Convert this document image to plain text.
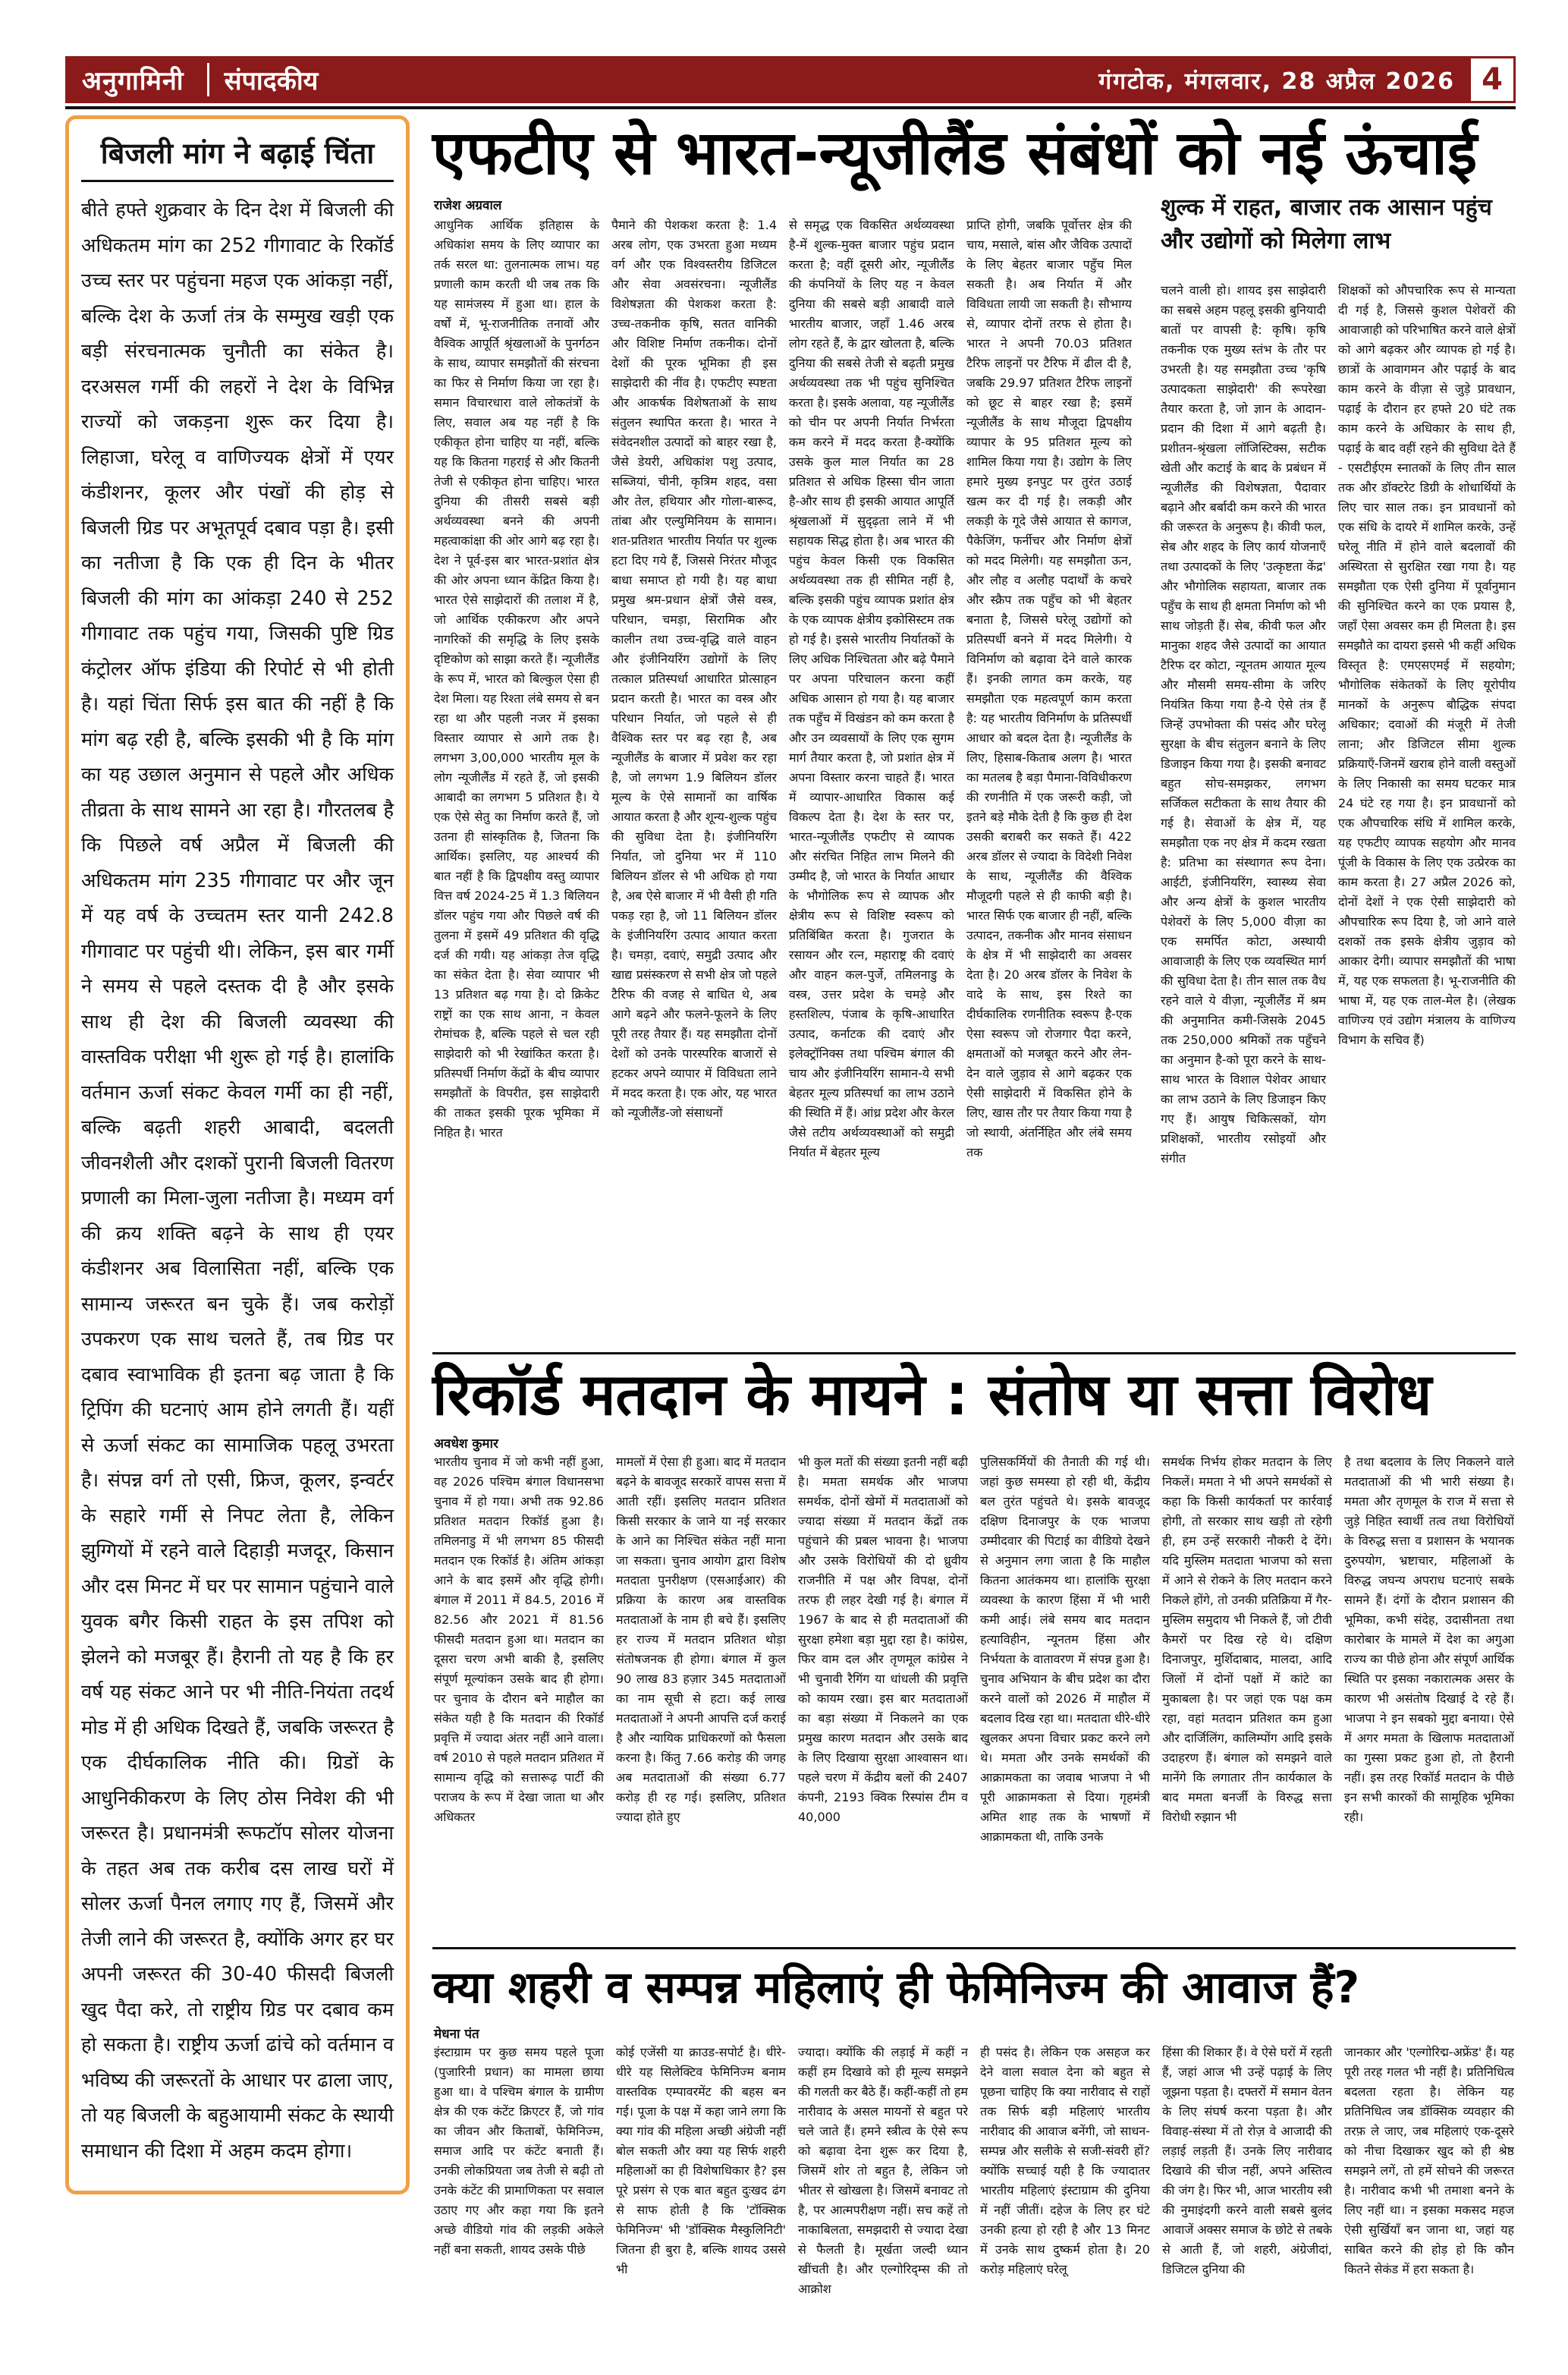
अनुगामिनी	संपादकीय	गंगटोक, मंगलवार, 28 अप्रैल 2026 4
बिजली मांग ने बढ़ाई चिंता

बीते हफ्ते शुक्रवार के दिन देश में बिजली की अधिकतम मांग का 252 गीगावाट के रिकॉर्ड उच्च स्तर पर पहुंचना महज एक आंकड़ा नहीं, बल्कि देश के ऊर्जा तंत्र के सम्मुख खड़ी एक बड़ी संरचनात्मक चुनौती का संकेत है। दरअसल गर्मी की लहरों ने देश के विभिन्न राज्यों को जकड़ना शुरू कर दिया है। लिहाजा, घरेलू व वाणिज्यक क्षेत्रों में एयर कंडीशनर, कूलर और पंखों की होड़ से बिजली ग्रिड पर अभूतपूर्व दबाव पड़ा है। इसी का नतीजा है कि एक ही दिन के भीतर बिजली की मांग का आंकड़ा 240 से 252 गीगावाट तक पहुंच गया, जिसकी पुष्टि ग्रिड कंट्रोलर ऑफ इंडिया की रिपोर्ट से भी होती है। यहां चिंता सिर्फ इस बात की नहीं है कि मांग बढ़ रही है, बल्कि इसकी भी है कि मांग का यह उछाल अनुमान से पहले और अधिक तीव्रता के साथ सामने आ रहा है। गौरतलब है कि पिछले वर्ष अप्रैल में बिजली की अधिकतम मांग 235 गीगावाट पर और जून में यह वर्ष के उच्चतम स्तर यानी 242.8 गीगावाट पर पहुंची थी। लेकिन, इस बार गर्मी ने समय से पहले दस्तक दी है और इसके साथ ही देश की बिजली व्यवस्था की वास्तविक परीक्षा भी शुरू हो गई है। हालांकि वर्तमान ऊर्जा संकट केवल गर्मी का ही नहीं, बल्कि बढ़ती शहरी आबादी, बदलती जीवनशैली और दशकों पुरानी बिजली वितरण प्रणाली का मिला-जुला नतीजा है। मध्यम वर्ग की क्रय शक्ति बढ़ने के साथ ही एयर कंडीशनर अब विलासिता नहीं, बल्कि एक सामान्य जरूरत बन चुके हैं। जब करोड़ों उपकरण एक साथ चलते हैं, तब ग्रिड पर दबाव स्वाभाविक ही इतना बढ़ जाता है कि ट्रिपिंग की घटनाएं आम होने लगती हैं। यहीं से ऊर्जा संकट का सामाजिक पहलू उभरता है। संपन्न वर्ग तो एसी, फ्रिज, कूलर, इन्वर्टर के सहारे गर्मी से निपट लेता है, लेकिन झुग्गियों में रहने वाले दिहाड़ी मजदूर, किसान और दस मिनट में घर पर सामान पहुंचाने वाले युवक बगैर किसी राहत के इस तपिश को झेलने को मजबूर हैं। हैरानी तो यह है कि हर वर्ष यह संकट आने पर भी नीति-नियंता तदर्थ मोड में ही अधिक दिखते हैं, जबकि जरूरत है एक दीर्घकालिक नीति की। ग्रिडों के आधुनिकीकरण के लिए ठोस निवेश की भी जरूरत है। प्रधानमंत्री रूफटॉप सोलर योजना के तहत अब तक करीब दस लाख घरों में सोलर ऊर्जा पैनल लगाए गए हैं, जिसमें और तेजी लाने की जरूरत है, क्योंकि अगर हर घर अपनी जरूरत की 30-40 फीसदी बिजली खुद पैदा करे, तो राष्ट्रीय ग्रिड पर दबाव कम हो सकता है। राष्ट्रीय ऊर्जा ढांचे को वर्तमान व भविष्य की जरूरतों के आधार पर ढाला जाए, तो यह बिजली के बहुआयामी संकट के स्थायी समाधान की दिशा में अहम कदम होगा।

एफटीए से भारत-न्यूजीलैंड संबंधों को नई ऊंचाई
राजेश अग्रवाल	शुल्क में राहत, बाजार तक आसान पहुंच और उद्योगों को मिलेगा लाभ
आधुनिक आर्थिक इतिहास के अधिकांश समय के लिए व्यापार का तर्क सरल था: तुलनात्मक लाभ। यह प्रणाली काम करती थी जब तक कि यह सामंजस्य में हुआ था। हाल के वर्षों में, भू-राजनीतिक तनावों और वैश्विक आपूर्ति श्रृंखलाओं के पुनर्गठन के साथ, व्यापार समझौतों की संरचना का फिर से निर्माण किया जा रहा है। समान विचारधारा वाले लोकतंत्रों के लिए, सवाल अब यह नहीं है कि एकीकृत होना चाहिए या नहीं, बल्कि यह कि कितना गहराई से और कितनी तेजी से एकीकृत होना चाहिए। भारत दुनिया की तीसरी सबसे बड़ी अर्थव्यवस्था बनने की अपनी महत्वाकांक्षा की ओर आगे बढ़ रहा है। देश ने पूर्व-इस बार भारत-प्रशांत क्षेत्र की ओर अपना ध्यान केंद्रित किया है। भारत ऐसे साझेदारों की तलाश में है, जो आर्थिक एकीकरण और अपने नागरिकों की समृद्धि के लिए इसके दृष्टिकोण को साझा करते हैं। न्यूजीलैंड के रूप में, भारत को बिल्कुल ऐसा ही देश मिला। यह रिश्ता लंबे समय से बन रहा था और पहली नजर में इसका विस्तार व्यापार से आगे तक है। लगभग 3,00,000 भारतीय मूल के लोग न्यूजीलैंड में रहते हैं, जो इसकी आबादी का लगभग 5 प्रतिशत है। ये एक ऐसे सेतु का निर्माण करते हैं, जो उतना ही सांस्कृतिक है, जितना कि आर्थिक। इसलिए, यह आश्चर्य की बात नहीं है कि द्विपक्षीय वस्तु व्यापार वित्त वर्ष 2024-25 में 1.3 बिलियन डॉलर पहुंच गया और पिछले वर्ष की तुलना में इसमें 49 प्रतिशत की वृद्धि दर्ज की गयी। यह आंकड़ा तेज वृद्धि का संकेत देता है। सेवा व्यापार भी 13 प्रतिशत बढ़ गया है। दो क्रिकेट राष्ट्रों का एक साथ आना, न केवल रोमांचक है, बल्कि पहले से चल रही साझेदारी को भी रेखांकित करता है। प्रतिस्पर्धी निर्माण केंद्रों के बीच व्यापार समझौतों के विपरीत, इस साझेदारी की ताकत इसकी पूरक भूमिका में निहित है। भारत
पैमाने की पेशकश करता है: 1.4 अरब लोग, एक उभरता हुआ मध्यम वर्ग और एक विश्वस्तरीय डिजिटल और सेवा अवसंरचना। न्यूजीलैंड विशेषज्ञता की पेशकश करता है: उच्च-तकनीक कृषि, सतत वानिकी और विशिष्ट निर्माण तकनीक। दोनों देशों की पूरक भूमिका ही इस साझेदारी की नींव है। एफटीए स्पष्टता और आकर्षक विशेषताओं के साथ संतुलन स्थापित करता है। भारत ने संवेदनशील उत्पादों को बाहर रखा है, जैसे डेयरी, अधिकांश पशु उत्पाद, सब्जियां, चीनी, कृत्रिम शहद, वसा और तेल, हथियार और गोला-बारूद, तांबा और एल्युमिनियम के सामान। शत-प्रतिशत भारतीय निर्यात पर शुल्क हटा दिए गये हैं, जिससे निरंतर मौजूद बाधा समाप्त हो गयी है। यह बाधा प्रमुख श्रम-प्रधान क्षेत्रों जैसे वस्त्र, परिधान, चमड़ा, सिरामिक और कालीन तथा उच्च-वृद्धि वाले वाहन और इंजीनियरिंग उद्योगों के लिए तत्काल प्रतिस्पर्धा आधारित प्रोत्साहन प्रदान करती है। भारत का वस्त्र और परिधान निर्यात, जो पहले से ही वैश्विक स्तर पर बढ़ रहा है, अब न्यूजीलैंड के बाजार में प्रवेश कर रहा है, जो लगभग 1.9 बिलियन डॉलर मूल्य के ऐसे सामानों का वार्षिक आयात करता है और शून्य-शुल्क पहुंच की सुविधा देता है। इंजीनियरिंग निर्यात, जो दुनिया भर में 110 बिलियन डॉलर से भी अधिक हो गया है, अब ऐसे बाजार में भी वैसी ही गति पकड़ रहा है, जो 11 बिलियन डॉलर के इंजीनियरिंग उत्पाद आयात करता है। चमड़ा, दवाएं, समुद्री उत्पाद और खाद्य प्रसंस्करण से सभी क्षेत्र जो पहले टैरिफ की वजह से बाधित थे, अब आगे बढ़ने और फलने-फूलने के लिए पूरी तरह तैयार हैं। यह समझौता दोनों देशों को उनके पारस्परिक बाजारों से हटकर अपने व्यापार में विविधता लाने में मदद करता है। एक ओर, यह भारत को न्यूजीलैंड-जो संसाधनों
से समृद्ध एक विकसित अर्थव्यवस्था है-में शुल्क-मुक्त बाजार पहुंच प्रदान करता है; वहीं दूसरी ओर, न्यूजीलैंड की कंपनियों के लिए यह न केवल दुनिया की सबसे बड़ी आबादी वाले भारतीय बाजार, जहाँ 1.46 अरब लोग रहते हैं, के द्वार खोलता है, बल्कि दुनिया की सबसे तेजी से बढ़ती प्रमुख अर्थव्यवस्था तक भी पहुंच सुनिश्चित करता है। इसके अलावा, यह न्यूजीलैंड को चीन पर अपनी निर्यात निर्भरता कम करने में मदद करता है-क्योंकि उसके कुल माल निर्यात का 28 प्रतिशत से अधिक हिस्सा चीन जाता है-और साथ ही इसकी आयात आपूर्ति श्रृंखलाओं में सुदृढ़ता लाने में भी सहायक सिद्ध होता है। अब भारत की पहुंच केवल किसी एक विकसित अर्थव्यवस्था तक ही सीमित नहीं है, बल्कि इसकी पहुंच व्यापक प्रशांत क्षेत्र के एक व्यापक क्षेत्रीय इकोसिस्टम तक हो गई है। इससे भारतीय निर्यातकों के लिए अधिक निश्चितता और बढ़े पैमाने पर अपना परिचालन करना कहीं अधिक आसान हो गया है। यह बाजार तक पहुँच में विखंडन को कम करता है और उन व्यवसायों के लिए एक सुगम मार्ग तैयार करता है, जो प्रशांत क्षेत्र में अपना विस्तार करना चाहते हैं। भारत में व्यापार-आधारित विकास कई विकल्प देता है। देश के स्तर पर, भारत-न्यूजीलैंड एफटीए से व्यापक और संरचित निहित लाभ मिलने की उम्मीद है, जो भारत के निर्यात आधार के भौगोलिक रूप से व्यापक और क्षेत्रीय रूप से विशिष्ट स्वरूप को प्रतिबिंबित करता है। गुजरात के रसायन और रत्न, महाराष्ट्र की दवाएं और वाहन कल-पुर्जे, तमिलनाडु के वस्त्र, उत्तर प्रदेश के चमड़े और हस्तशिल्प, पंजाब के कृषि-आधारित उत्पाद, कर्नाटक की दवाएं और इलेक्ट्रॉनिक्स तथा पश्चिम बंगाल की चाय और इंजीनियरिंग सामान-ये सभी बेहतर मूल्य प्रतिस्पर्धा का लाभ उठाने की स्थिति में हैं। आंध्र प्रदेश और केरल जैसे तटीय अर्थव्यवस्थाओं को समुद्री निर्यात में बेहतर मूल्य
प्राप्ति होगी, जबकि पूर्वोत्तर क्षेत्र की चाय, मसाले, बांस और जैविक उत्पादों के लिए बेहतर बाजार पहुँच मिल सकती है। अब निर्यात में और विविधता लायी जा सकती है। सौभाग्य से, व्यापार दोनों तरफ से होता है। भारत ने अपनी 70.03 प्रतिशत टैरिफ लाइनों पर टैरिफ में ढील दी है, जबकि 29.97 प्रतिशत टैरिफ लाइनों को छूट से बाहर रखा है; इसमें न्यूजीलैंड के साथ मौजूदा द्विपक्षीय व्यापार के 95 प्रतिशत मूल्य को शामिल किया गया है। उद्योग के लिए हमारे मुख्य इनपुट पर तुरंत उठाई खत्म कर दी गई है। लकड़ी और लकड़ी के गूदे जैसे आयात से कागज, पैकेजिंग, फर्नीचर और निर्माण क्षेत्रों को मदद मिलेगी। यह समझौता ऊन, और लौह व अलौह पदार्थों के कचरे और स्क्रैप तक पहुँच को भी बेहतर बनाता है, जिससे घरेलू उद्योगों को प्रतिस्पर्धी बनने में मदद मिलेगी। ये विनिर्माण को बढ़ावा देने वाले कारक हैं। इनकी लागत कम करके, यह समझौता एक महत्वपूर्ण काम करता है: यह भारतीय विनिर्माण के प्रतिस्पर्धी आधार को बदल देता है। न्यूजीलैंड के लिए, हिसाब-किताब अलग है। भारत का मतलब है बड़ा पैमाना-विविधीकरण की रणनीति में एक जरूरी कड़ी, जो इतने बड़े मौके देती है कि कुछ ही देश उसकी बराबरी कर सकते हैं। 422 अरब डॉलर से ज्यादा के विदेशी निवेश के साथ, न्यूजीलैंड की वैश्विक मौजूदगी पहले से ही काफी बड़ी है। भारत सिर्फ एक बाजार ही नहीं, बल्कि उत्पादन, तकनीक और मानव संसाधन के क्षेत्र में भी साझेदारी का अवसर देता है। 20 अरब डॉलर के निवेश के वादे के साथ, इस रिश्ते का दीर्घकालिक रणनीतिक स्वरूप है-एक ऐसा स्वरूप जो रोजगार पैदा करने, क्षमताओं को मजबूत करने और लेन-देन वाले जुड़ाव से आगे बढ़कर एक ऐसी साझेदारी में विकसित होने के लिए, खास तौर पर तैयार किया गया है जो स्थायी, अंतर्निहित और लंबे समय तक
चलने वाली हो। शायद इस साझेदारी का सबसे अहम पहलू इसकी बुनियादी बातों पर वापसी है: कृषि। कृषि तकनीक एक मुख्य स्तंभ के तौर पर उभरती है। यह समझौता उच्च 'कृषि उत्पादकता साझेदारी' की रूपरेखा तैयार करता है, जो ज्ञान के आदान-प्रदान की दिशा में आगे बढ़ती है। प्रशीतन-श्रृंखला लॉजिस्टिक्स, सटीक खेती और कटाई के बाद के प्रबंधन में न्यूजीलैंड की विशेषज्ञता, पैदावार बढ़ाने और बर्बादी कम करने की भारत की जरूरत के अनुरूप है। कीवी फल, सेब और शहद के लिए कार्य योजनाएँ तथा उत्पादकों के लिए 'उत्कृष्टता केंद्र' और भौगोलिक सहायता, बाजार तक पहुँच के साथ ही क्षमता निर्माण को भी साथ जोड़ती हैं। सेब, कीवी फल और मानुका शहद जैसे उत्पादों का आयात टैरिफ दर कोटा, न्यूनतम आयात मूल्य और मौसमी समय-सीमा के जरिए नियंत्रित किया गया है-ये ऐसे तंत्र हैं जिन्हें उपभोक्ता की पसंद और घरेलू सुरक्षा के बीच संतुलन बनाने के लिए डिजाइन किया गया है। इसकी बनावट बहुत सोच-समझकर, लगभग सर्जिकल सटीकता के साथ तैयार की गई है। सेवाओं के क्षेत्र में, यह समझौता एक नए क्षेत्र में कदम रखता है: प्रतिभा का संस्थागत रूप देना। आईटी, इंजीनियरिंग, स्वास्थ्य सेवा और अन्य क्षेत्रों के कुशल भारतीय पेशेवरों के लिए 5,000 वीज़ा का एक समर्पित कोटा, अस्थायी आवाजाही के लिए एक व्यवस्थित मार्ग की सुविधा देता है। तीन साल तक वैध रहने वाले ये वीज़ा, न्यूजीलैंड में श्रम की अनुमानित कमी-जिसके 2045 तक 250,000 श्रमिकों तक पहुँचने का अनुमान है-को पूरा करने के साथ-साथ भारत के विशाल पेशेवर आधार का लाभ उठाने के लिए डिजाइन किए गए हैं। आयुष चिकित्सकों, योग प्रशिक्षकों, भारतीय रसोइयों और संगीत
शिक्षकों को औपचारिक रूप से मान्यता दी गई है, जिससे कुशल पेशेवरों की आवाजाही को परिभाषित करने वाले क्षेत्रों को आगे बढ़कर और व्यापक हो गई है। छात्रों के आवागमन और पढ़ाई के बाद काम करने के वीज़ा से जुड़े प्रावधान, पढ़ाई के दौरान हर हफ्ते 20 घंटे तक काम करने के अधिकार के साथ ही, पढ़ाई के बाद वहीं रहने की सुविधा देते हैं - एसटीईएम स्नातकों के लिए तीन साल तक और डॉक्टरेट डिग्री के शोधार्थियों के लिए चार साल तक। इन प्रावधानों को एक संधि के दायरे में शामिल करके, उन्हें घरेलू नीति में होने वाले बदलावों की अस्थिरता से सुरक्षित रखा गया है। यह समझौता एक ऐसी दुनिया में पूर्वानुमान की सुनिश्चित करने का एक प्रयास है, जहाँ ऐसा अवसर कम ही मिलता है। इस समझौते का दायरा इससे भी कहीं अधिक विस्तृत है: एमएसएमई में सहयोग; भौगोलिक संकेतकों के लिए यूरोपीय मानकों के अनुरूप बौद्धिक संपदा अधिकार; दवाओं की मंजूरी में तेजी लाना; और डिजिटल सीमा शुल्क प्रक्रियाएँ-जिनमें खराब होने वाली वस्तुओं के लिए निकासी का समय घटकर मात्र 24 घंटे रह गया है। इन प्रावधानों को एक औपचारिक संधि में शामिल करके, यह एफटीए व्यापक सहयोग और मानव पूंजी के विकास के लिए एक उत्प्रेरक का काम करता है। 27 अप्रैल 2026 को, दोनों देशों ने एक ऐसी साझेदारी को औपचारिक रूप दिया है, जो आने वाले दशकों तक इसके क्षेत्रीय जुड़ाव को आकार देगी। व्यापार समझौतों की भाषा में, यह एक सफलता है। भू-राजनीति की भाषा में, यह एक ताल-मेल है। (लेखक वाणिज्य एवं उद्योग मंत्रालय के वाणिज्य विभाग के सचिव हैं)
रिकॉर्ड मतदान के मायने : संतोष या सत्ता विरोध
अवधेश कुमार
भारतीय चुनाव में जो कभी नहीं हुआ, वह 2026 पश्चिम बंगाल विधानसभा चुनाव में हो गया। अभी तक 92.86 प्रतिशत मतदान रिकॉर्ड हुआ है। तमिलनाडु में भी लगभग 85 फीसदी मतदान एक रिकॉर्ड है। अंतिम आंकड़ा आने के बाद इसमें और वृद्धि होगी। बंगाल में 2011 में 84.5, 2016 में 82.56 और 2021 में 81.56 फीसदी मतदान हुआ था। मतदान का दूसरा चरण अभी बाकी है, इसलिए संपूर्ण मूल्यांकन उसके बाद ही होगा। पर चुनाव के दौरान बने माहौल का संकेत यही है कि मतदान की रिकॉर्ड प्रवृत्ति में ज्यादा अंतर नहीं आने वाला। वर्ष 2010 से पहले मतदान प्रतिशत में सामान्य वृद्धि को सत्तारूढ़ पार्टी की पराजय के रूप में देखा जाता था और अधिकतर
मामलों में ऐसा ही हुआ। बाद में मतदान बढ़ने के बावजूद सरकारें वापस सत्ता में आती रहीं। इसलिए मतदान प्रतिशत किसी सरकार के जाने या नई सरकार के आने का निश्चित संकेत नहीं माना जा सकता। चुनाव आयोग द्वारा विशेष मतदाता पुनरीक्षण (एसआईआर) की प्रक्रिया के कारण अब वास्तविक मतदाताओं के नाम ही बचे हैं। इसलिए हर राज्य में मतदान प्रतिशत थोड़ा संतोषजनक ही होगा। बंगाल में कुल 90 लाख 83 हज़ार 345 मतदाताओं का नाम सूची से हटा। कई लाख मतदाताओं ने अपनी आपत्ति दर्ज कराई है और न्यायिक प्राधिकरणों को फैसला करना है। किंतु 7.66 करोड़ की जगह अब मतदाताओं की संख्या 6.77 करोड़ ही रह गई। इसलिए, प्रतिशत ज्यादा होते हुए
भी कुल मतों की संख्या इतनी नहीं बढ़ी है। ममता समर्थक और भाजपा समर्थक, दोनों खेमों में मतदाताओं को ज्यादा संख्या में मतदान केंद्रों तक पहुंचाने की प्रबल भावना है। भाजपा और उसके विरोधियों की दो ध्रुवीय राजनीति में पक्ष और विपक्ष, दोनों तरफ ही लहर देखी गई है। बंगाल में 1967 के बाद से ही मतदाताओं की सुरक्षा हमेशा बड़ा मुद्दा रहा है। कांग्रेस, फिर वाम दल और तृणमूल कांग्रेस ने भी चुनावी रैगिंग या धांधली की प्रवृत्ति को कायम रखा। इस बार मतदाताओं का बड़ा संख्या में निकलने का एक प्रमुख कारण मतदान और उसके बाद के लिए दिखाया सुरक्षा आश्वासन था। पहले चरण में केंद्रीय बलों की 2407 कंपनी, 2193 क्विक रिस्पांस टीम व 40,000
पुलिसकर्मियों की तैनाती की गई थी। जहां कुछ समस्या हो रही थी, केंद्रीय बल तुरंत पहुंचते थे। इसके बावजूद दक्षिण दिनाजपुर के एक भाजपा उम्मीदवार की पिटाई का वीडियो देखने से अनुमान लगा जाता है कि माहौल कितना आतंकमय था। हालांकि सुरक्षा व्यवस्था के कारण हिंसा में भी भारी कमी आई। लंबे समय बाद मतदान हत्याविहीन, न्यूनतम हिंसा और निर्भयता के वातावरण में संपन्न हुआ है। चुनाव अभियान के बीच प्रदेश का दौरा करने वालों को 2026 में माहौल में बदलाव दिख रहा था। मतदाता धीरे-धीरे खुलकर अपना विचार प्रकट करने लगे थे। ममता और उनके समर्थकों की आक्रामकता का जवाब भाजपा ने भी पूरी आक्रामकता से दिया। गृहमंत्री अमित शाह तक के भाषणों में आक्रामकता थी, ताकि उनके
समर्थक निर्भय होकर मतदान के लिए निकलें। ममता ने भी अपने समर्थकों से कहा कि किसी कार्यकर्ता पर कार्रवाई होगी, तो सरकार साथ खड़ी तो रहेगी ही, हम उन्हें सरकारी नौकरी दे देंगे। यदि मुस्लिम मतदाता भाजपा को सत्ता में आने से रोकने के लिए मतदान करने निकले होंगे, तो उनकी प्रतिक्रिया में गैर-मुस्लिम समुदाय भी निकले हैं, जो टीवी कैमरों पर दिख रहे थे। दक्षिण दिनाजपुर, मुर्शिदाबाद, मालदा, आदि जिलों में दोनों पक्षों में कांटे का मुकाबला है। पर जहां एक पक्ष कम रहा, वहां मतदान प्रतिशत कम हुआ और दार्जिलिंग, कालिम्पोंग आदि इसके उदाहरण हैं। बंगाल को समझने वाले मानेंगे कि लगातार तीन कार्यकाल के बाद ममता बनर्जी के विरुद्ध सत्ता विरोधी रुझान भी
है तथा बदलाव के लिए निकलने वाले मतदाताओं की भी भारी संख्या है। ममता और तृणमूल के राज में सत्ता से जुड़े निहित स्वार्थी तत्व तथा विरोधियों के विरुद्ध सत्ता व प्रशासन के भयानक दुरुपयोग, भ्रष्टाचार, महिलाओं के विरुद्ध जघन्य अपराध घटनाएं सबके सामने हैं। दंगों के दौरान प्रशासन की भूमिका, कभी संदेह, उदासीनता तथा कारोबार के मामले में देश का अगुआ राज्य का पीछे होना और संपूर्ण आर्थिक स्थिति पर इसका नकारात्मक असर के कारण भी असंतोष दिखाई दे रहे हैं। भाजपा ने इन सबको मुद्दा बनाया। ऐसे में अगर ममता के खिलाफ मतदाताओं का गुस्सा प्रकट हुआ हो, तो हैरानी नहीं। इस तरह रिकॉर्ड मतदान के पीछे इन सभी कारकों की सामूहिक भूमिका रही।
क्या शहरी व सम्पन्न महिलाएं ही फेमिनिज्म की आवाज हैं?
मेधना पंत
इंस्टाग्राम पर कुछ समय पहले पूजा (पुजारिनी प्रधान) का मामला छाया हुआ था। वे पश्चिम बंगाल के ग्रामीण क्षेत्र की एक कंटेंट क्रिएटर हैं, जो गांव का जीवन और किताबों, फेमिनिज्म, समाज आदि पर कंटेंट बनाती हैं। उनकी लोकप्रियता जब तेजी से बढ़ी तो उनके कंटेंट की प्रामाणिकता पर सवाल उठाए गए और कहा गया कि इतने अच्छे वीडियो गांव की लड़की अकेले नहीं बना सकती, शायद उसके पीछे
कोई एजेंसी या क्राउड-सपोर्ट है। धीरे-धीरे यह सिलेक्टिव फेमिनिज्म बनाम वास्तविक एम्पावरमेंट की बहस बन गई। पूजा के पक्ष में कहा जाने लगा कि क्या गांव की महिला अच्छी अंग्रेजी नहीं बोल सकती और क्या यह सिर्फ शहरी महिलाओं का ही विशेषाधिकार है? इस पूरे प्रसंग से एक बात बहुत दुःखद ढंग से साफ होती है कि 'टॉक्सिक फेमिनिज्म' भी 'डॉक्सिक मैस्कुलिनिटी' जितना ही बुरा है, बल्कि शायद उससे भी
ज्यादा। क्योंकि की लड़ाई में कहीं न कहीं हम दिखावे को ही मूल्य समझने की गलती कर बैठे हैं। कहीं-कहीं तो हम नारीवाद के असल मायनों से बहुत परे चले जाते हैं। हमने स्त्रीत्व के ऐसे रूप को बढ़ावा देना शुरू कर दिया है, जिसमें शोर तो बहुत है, लेकिन जो भीतर से खोखला है। जिसमें बनावट तो है, पर आत्मपरीक्षण नहीं। सच कहें तो नाकाबिलता, समझदारी से ज्यादा देखा से फैलती है। मूर्खता जल्दी ध्यान खींचती है। और एल्गोरिद्म्स की तो आक्रोश
ही पसंद है। लेकिन एक असहज कर देने वाला सवाल देना को बहुत से पूछना चाहिए कि क्या नारीवाद से राहों तक सिर्फ बड़ी महिलाएं भारतीय नारीवाद की आवाज बनेंगी, जो साधन-सम्पन्न और सलीके से सजी-संवरी हों? क्योंकि सच्चाई यही है कि ज्यादातर भारतीय महिलाएं इंस्टाग्राम की दुनिया में नहीं जीतीं। दहेज के लिए हर घंटे उनकी हत्या हो रही है और 13 मिनट में उनके साथ दुष्कर्म होता है। 20 करोड़ महिलाएं घरेलू
हिंसा की शिकार हैं। वे ऐसे घरों में रहती हैं, जहां आज भी उन्हें पढ़ाई के लिए जूझना पड़ता है। दफ्तरों में समान वेतन के लिए संघर्ष करना पड़ता है। और विवाह-संस्था में तो रोज़ वे आजादी की लड़ाई लड़ती हैं। उनके लिए नारीवाद दिखावे की चीज नहीं, अपने अस्तित्व की जंग है। फिर भी, आज भारतीय स्त्री की नुमाइंदगी करने वाली सबसे बुलंद आवाजें अक्सर समाज के छोटे से तबके से आती हैं, जो शहरी, अंग्रेजीदां, डिजिटल दुनिया की
जानकार और 'एल्गोरिद्म-अफ्रेंड' हैं। यह पूरी तरह गलत भी नहीं है। प्रतिनिधित्व बदलता रहता है। लेकिन यह प्रतिनिधित्व जब डॉक्सिक व्यवहार की तरफ़ ले जाए, जब महिलाएं एक-दूसरे को नीचा दिखाकर खुद को ही श्रेष्ठ समझने लगें, तो हमें सोचने की जरूरत है। नारीवाद कभी भी तमाशा बनने के लिए नहीं था। न इसका मकसद महज ऐसी सुर्खियाँ बन जाना था, जहां यह साबित करने की होड़ हो कि कौन कितने सेकंड में हरा सकता है।
